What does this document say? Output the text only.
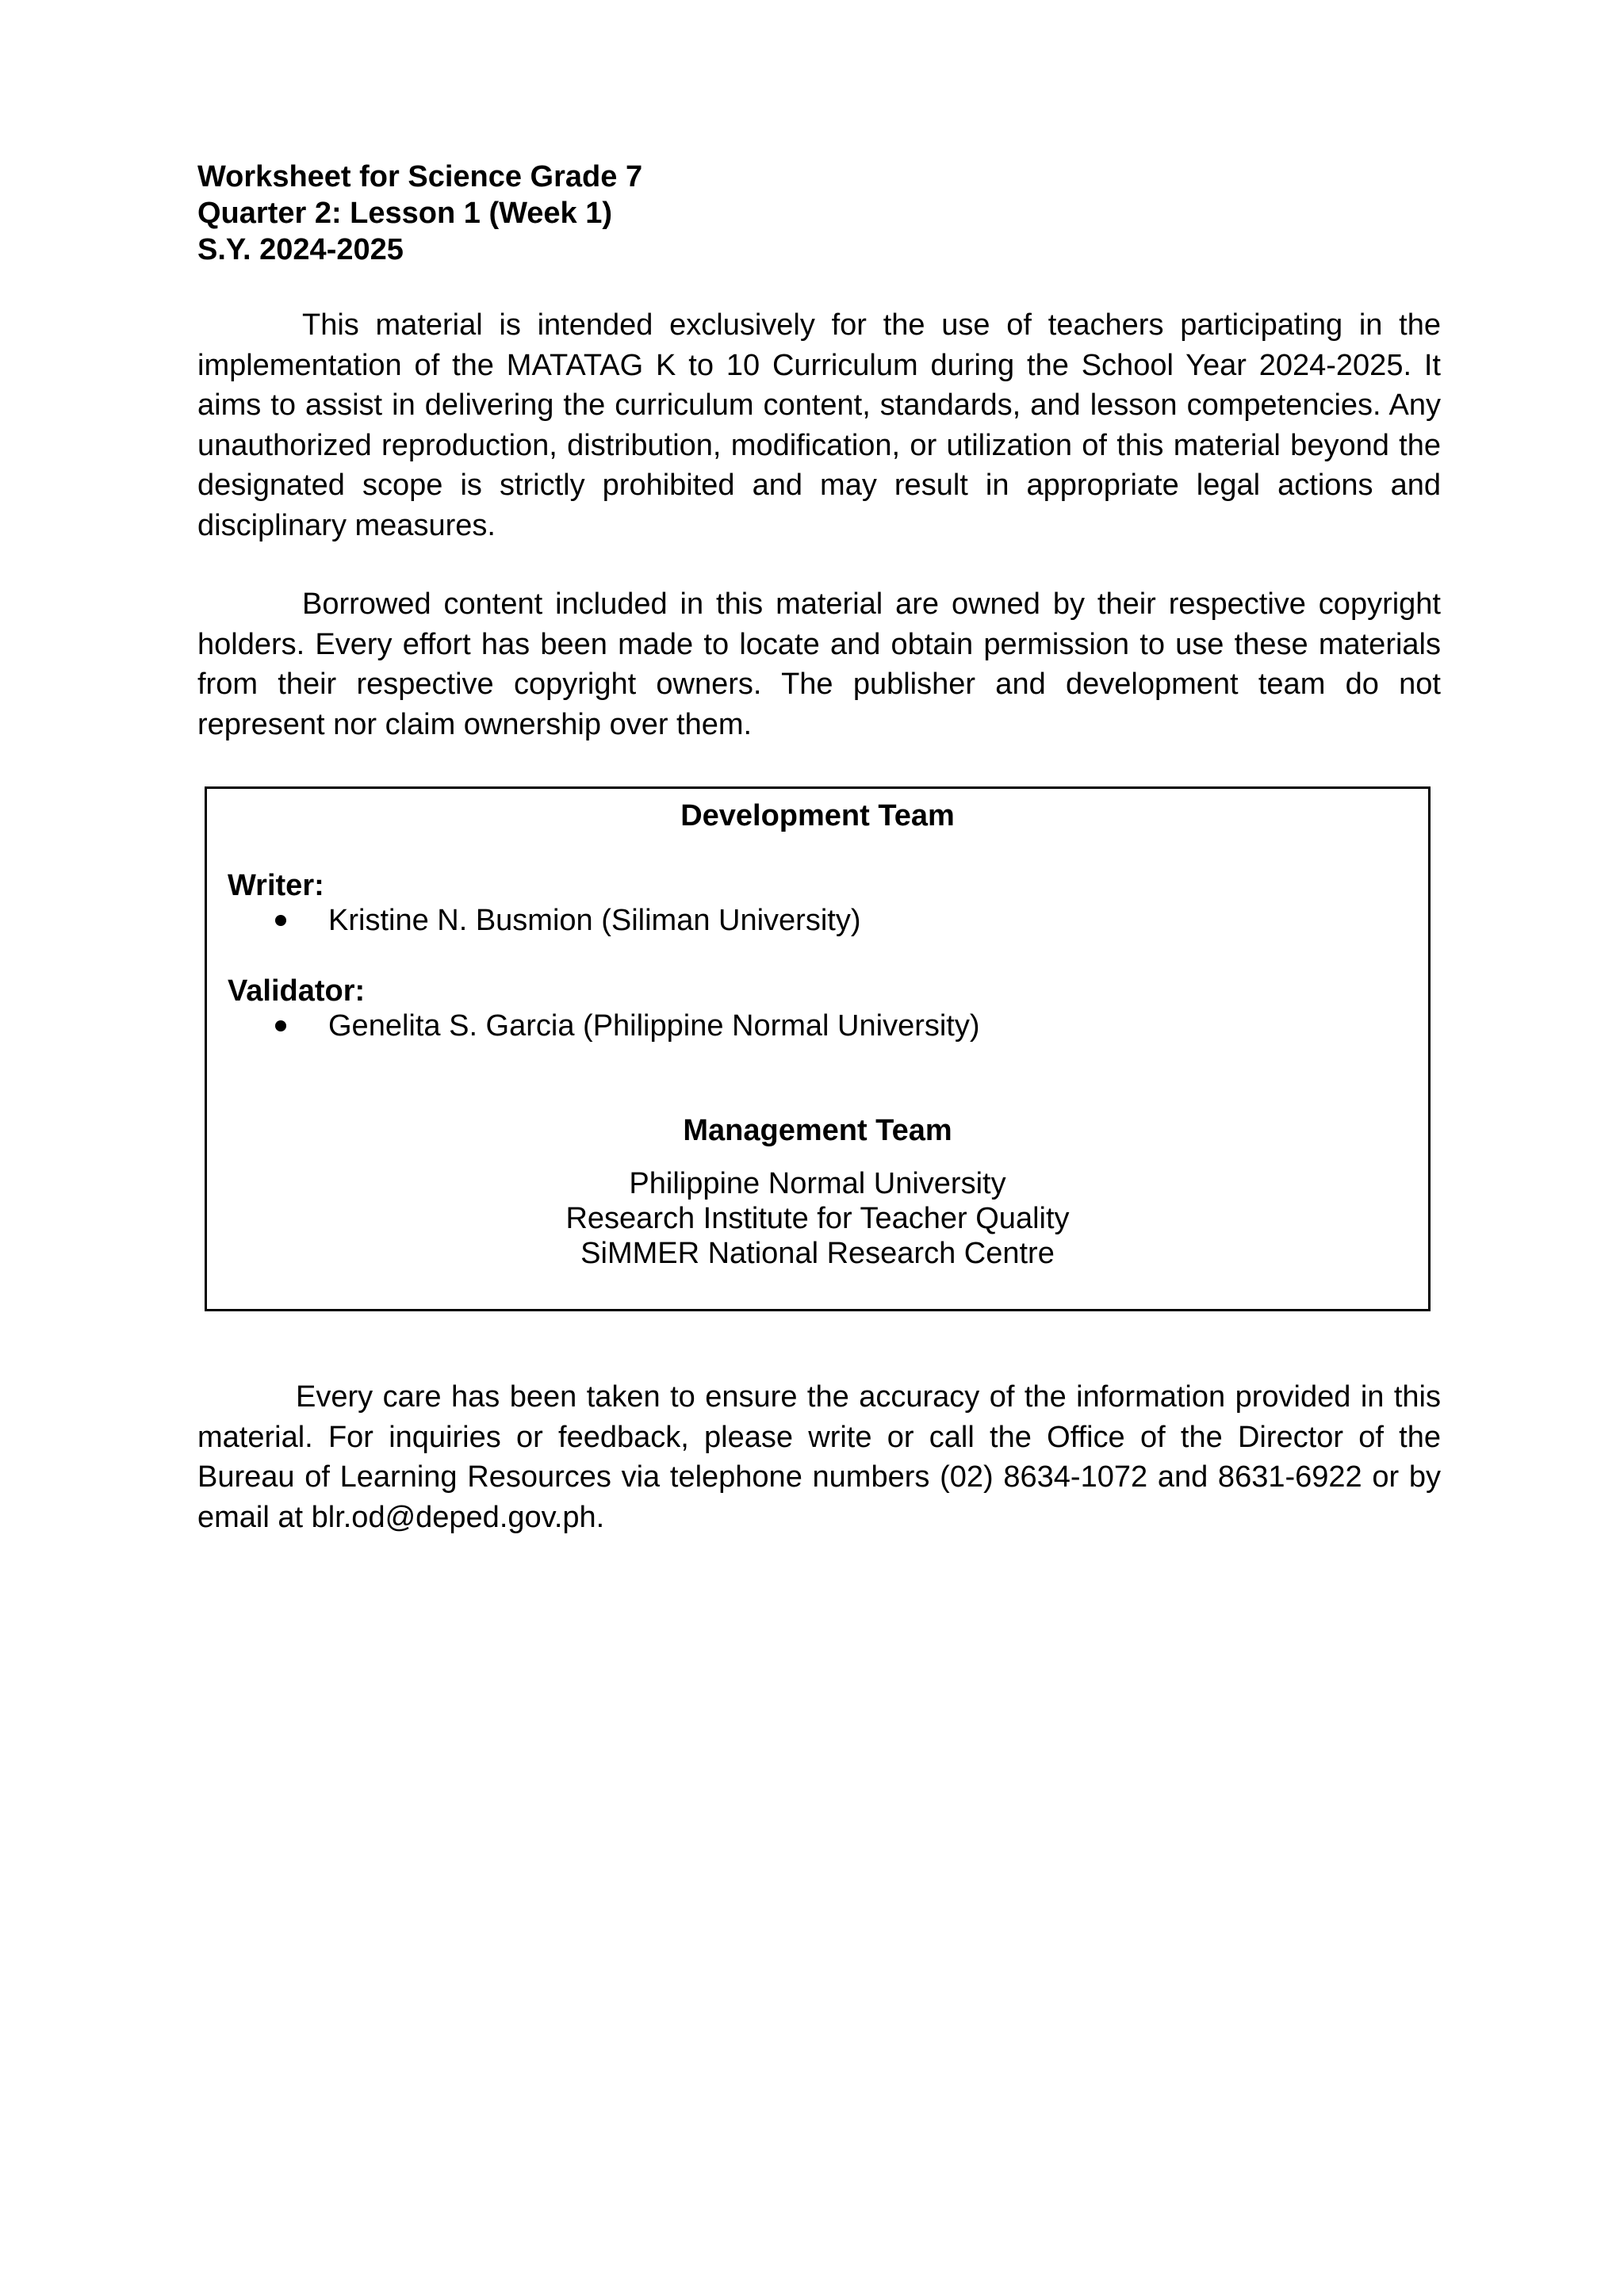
Worksheet for Science Grade 7

Quarter 2: Lesson 1 (Week 1)

S.Y. 2024-2025

This material is intended exclusively for the use of teachers participating in the implementation of the MATATAG K to 10 Curriculum during the School Year 2024-2025. It aims to assist in delivering the curriculum content, standards, and lesson competencies. Any unauthorized reproduction, distribution, modification, or utilization of this material beyond the designated scope is strictly prohibited and may result in appropriate legal actions and disciplinary measures.

Borrowed content included in this material are owned by their respective copyright holders. Every effort has been made to locate and obtain permission to use these materials from their respective copyright owners. The publisher and development team do not represent nor claim ownership over them.

Development Team

Writer:

Kristine N. Busmion (Siliman University)

Validator:

Genelita S. Garcia (Philippine Normal University)

Management Team

Philippine Normal University
Research Institute for Teacher Quality
SiMMER National Research Centre

Every care has been taken to ensure the accuracy of the information provided in this material. For inquiries or feedback, please write or call the Office of the Director of the Bureau of Learning Resources via telephone numbers (02) 8634-1072 and 8631-6922 or by email at blr.od@deped.gov.ph.
